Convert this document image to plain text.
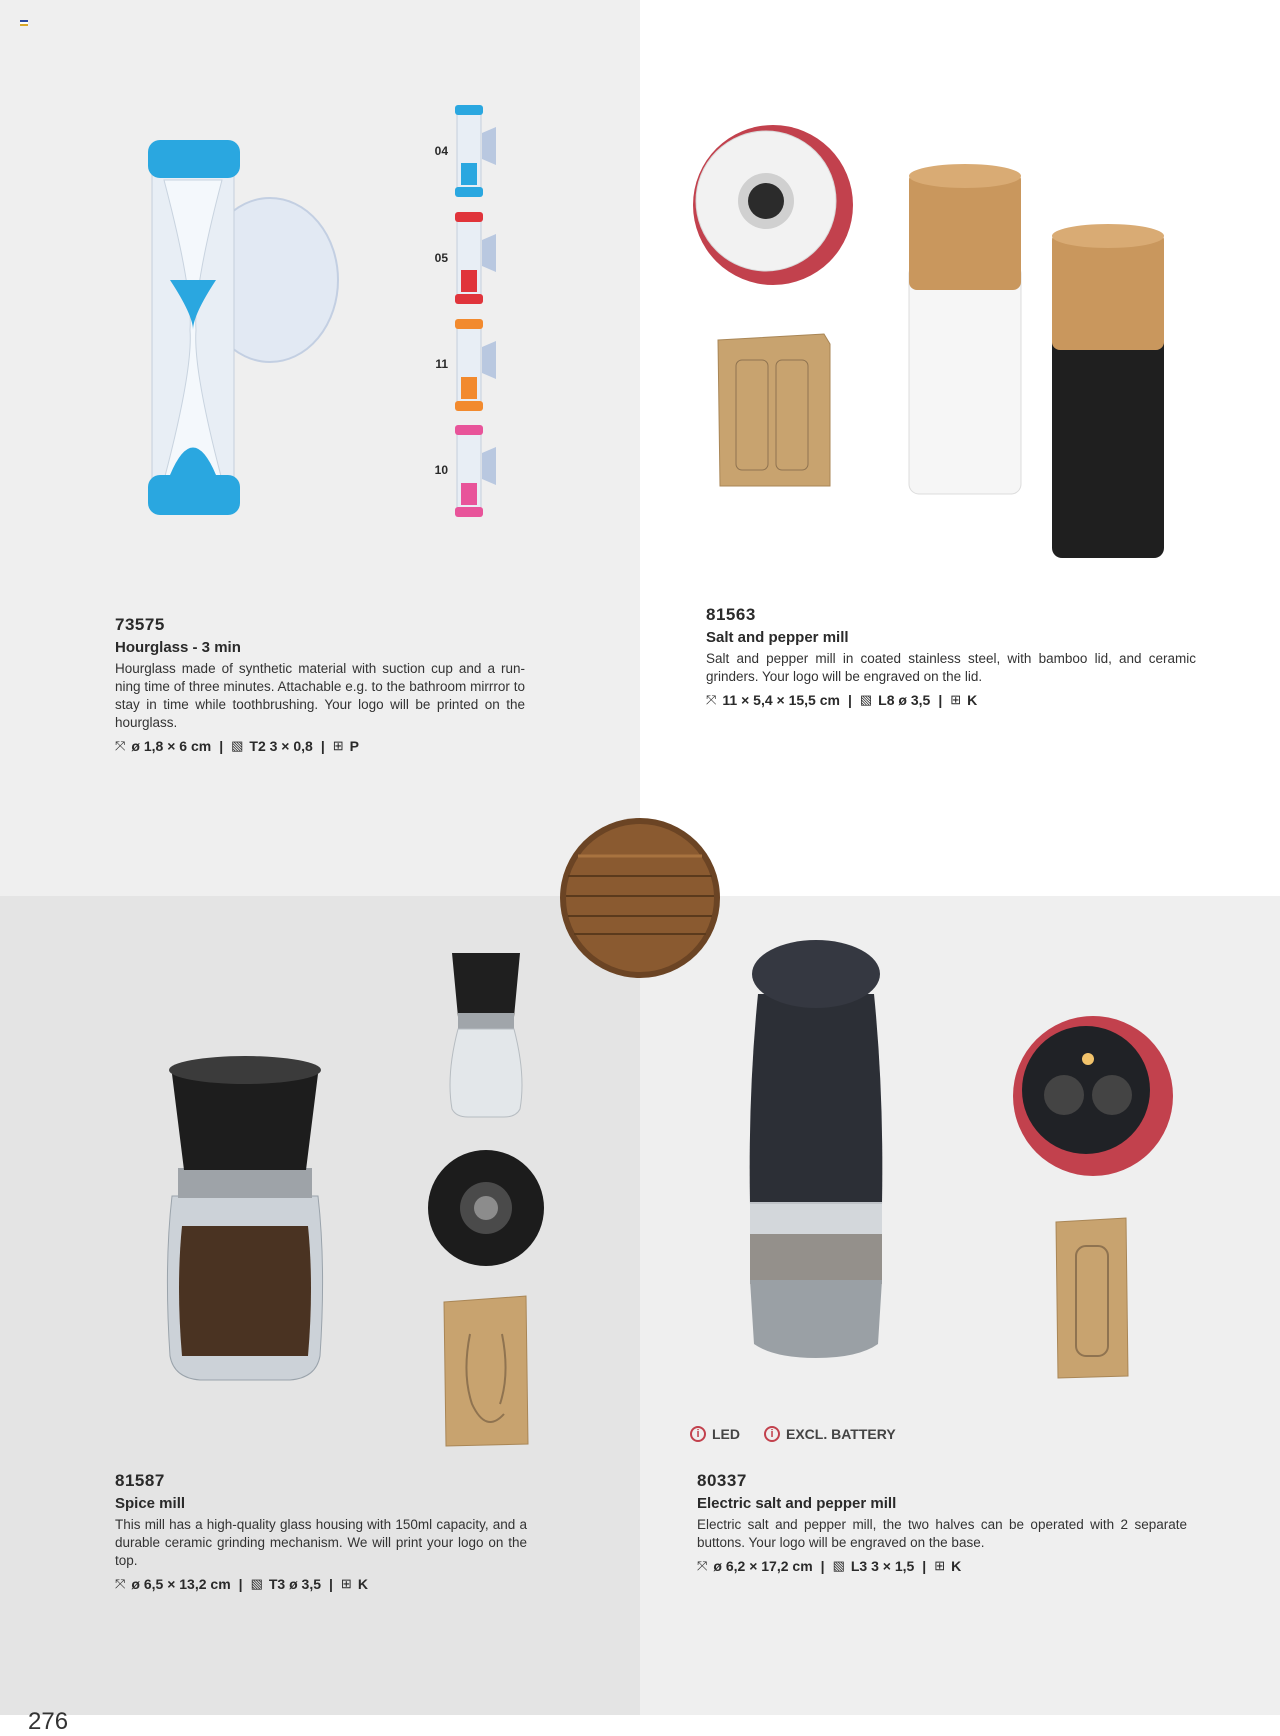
04
05
11
10
73575
Hourglass - 3 min
Hourglass made of synthetic material with suction cup and a run-ning time of three minutes. Attachable e.g. to the bathroom mirrror to stay in time while toothbrushing. Your logo will be printed on the hourglass.
⤧ ø 1,8 × 6 cm | ▧ T2 3 × 0,8 | ⊞ P
81563
Salt and pepper mill
Salt and pepper mill in coated stainless steel, with bamboo lid, and ceramic grinders. Your logo will be engraved on the lid.
⤧ 11 × 5,4 × 15,5 cm | ▧ L8 ø 3,5 | ⊞ K
81587
Spice mill
This mill has a high-quality glass housing with 150ml capacity, and a durable ceramic grinding mechanism. We will print your logo on the top.
⤧ ø 6,5 × 13,2 cm | ▧ T3 ø 3,5 | ⊞ K
i LED	i EXCL. BATTERY
80337
Electric salt and pepper mill
Electric salt and pepper mill, the two halves can be operated with 2 separate buttons. Your logo will be engraved on the base.
⤧ ø 6,2 × 17,2 cm | ▧ L3 3 × 1,5 | ⊞ K
276
